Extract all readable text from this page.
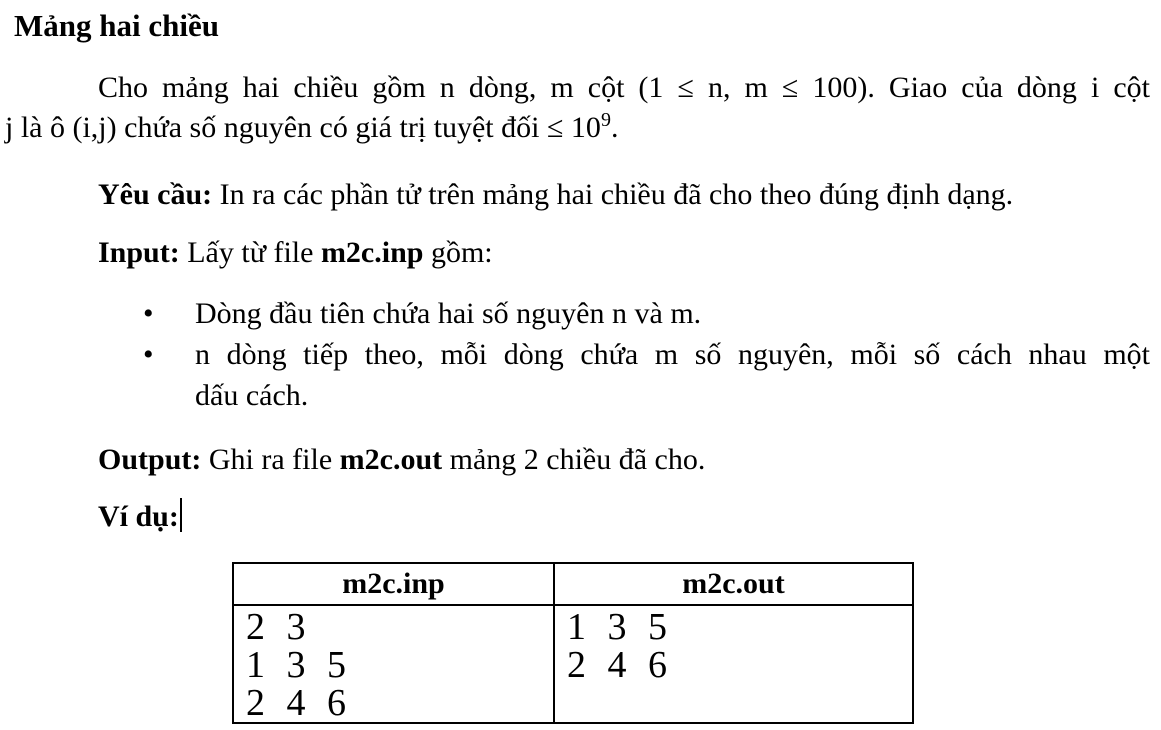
Mảng hai chiều
Cho mảng hai chiều gồm n dòng, m cột (1 ≤ n, m ≤ 100). Giao của dòng i cột
j là ô (i,j) chứa số nguyên có giá trị tuyệt đối ≤ $10^9$.
Yêu cầu: In ra các phần tử trên mảng hai chiều đã cho theo đúng định dạng.
Input: Lấy từ file m2c.inp gồm:
•	Dòng đầu tiên chứa hai số nguyên n và m.
•	n dòng tiếp theo, mỗi dòng chứa m số nguyên, mỗi số cách nhau một
dấu cách.
Output: Ghi ra file m2c.out mảng 2 chiều đã cho.
Ví dụ:
m2c.inp	m2c.out

2 3
1 3 5
2 4 6

1 3 5
2 4 6
